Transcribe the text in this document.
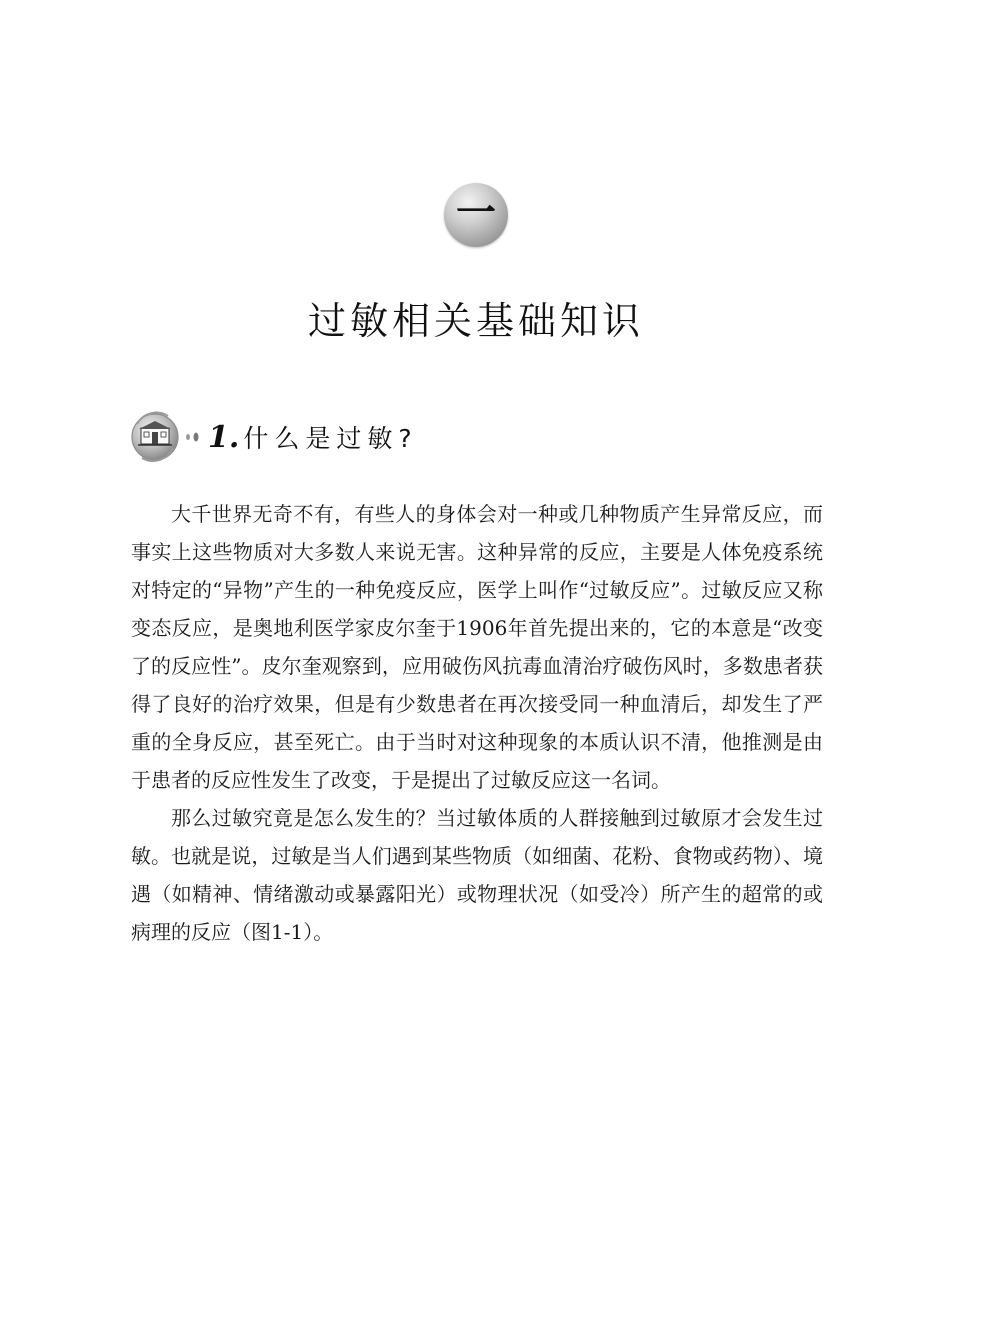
一
过敏相关基础知识
1. 什么是过敏?

大千世界无奇不有，有些人的身体会对一种或几种物质产生异常反应，而事实上这些物质对大多数人来说无害。这种异常的反应，主要是人体免疫系统对特定的“异物”产生的一种免疫反应，医学上叫作“过敏反应”。过敏反应又称变态反应，是奥地利医学家皮尔奎于1906年首先提出来的，它的本意是“改变了的反应性”。皮尔奎观察到，应用破伤风抗毒血清治疗破伤风时，多数患者获得了良好的治疗效果，但是有少数患者在再次接受同一种血清后，却发生了严重的全身反应，甚至死亡。由于当时对这种现象的本质认识不清，他推测是由于患者的反应性发生了改变，于是提出了过敏反应这一名词。

那么过敏究竟是怎么发生的？当过敏体质的人群接触到过敏原才会发生过敏。也就是说，过敏是当人们遇到某些物质（如细菌、花粉、食物或药物）、境遇（如精神、情绪激动或暴露阳光）或物理状况（如受冷）所产生的超常的或病理的反应（图1-1）。
